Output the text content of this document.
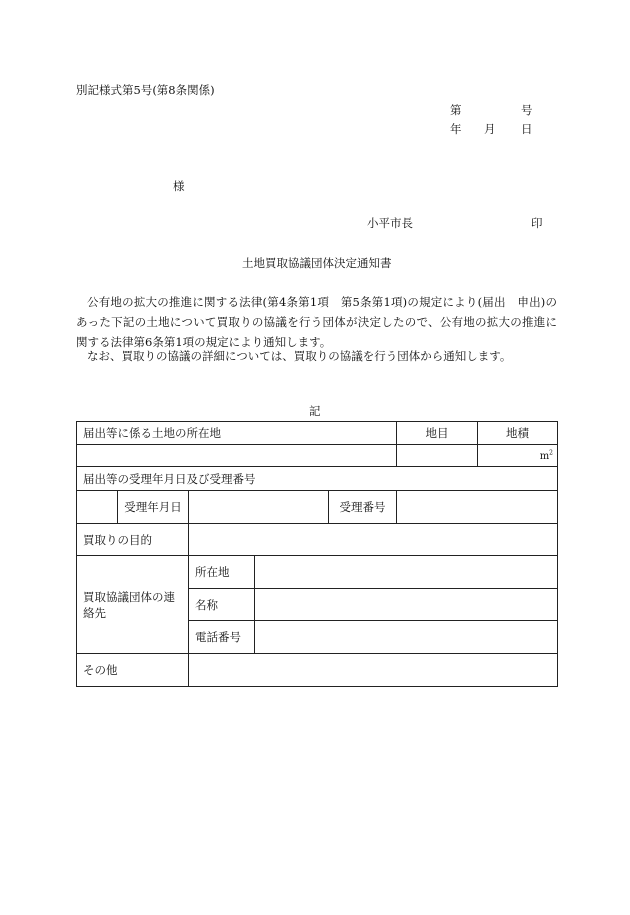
別記様式第5号(第8条関係)
第	号
年 月 日
様
小平市長	印
土地買取協議団体決定通知書
公有地の拡大の推進に関する法律(第4条第1項　第5条第1項)の規定により(届出　申出)のあった下記の土地について買取りの協議を行う団体が決定したので、公有地の拡大の推進に関する法律第6条第1項の規定により通知します。
なお、買取りの協議の詳細については、買取りの協議を行う団体から通知します。
記
届出等に係る土地の所在地					地目	地積
						$m^2$
届出等の受理年月日及び受理番号						
	受理年月日			受理番号		
買取りの目的						
買取協議団体の連絡先		所在地				
		名称				
		電話番号				
その他						
